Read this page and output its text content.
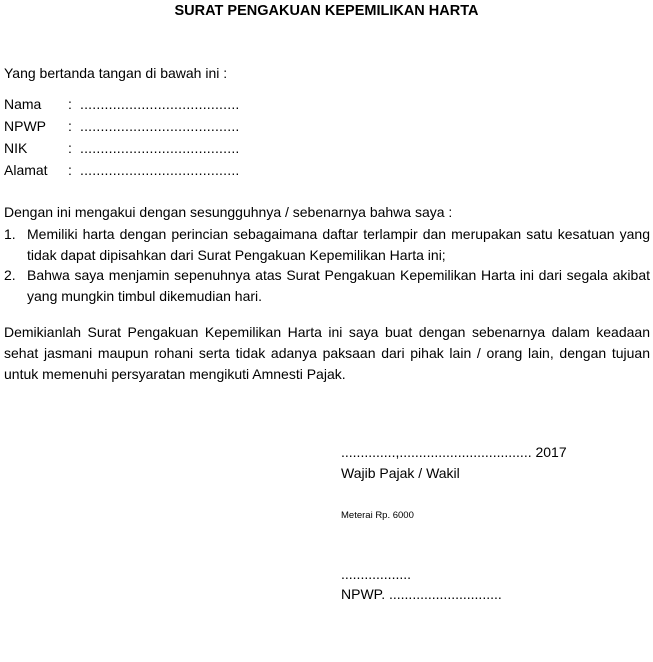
SURAT PENGAKUAN KEPEMILIKAN HARTA
Yang bertanda tangan di bawah ini :
Nama : .......................................
NPWP : .......................................
NIK	: .......................................
Alamat : .......................................
Dengan ini mengakui dengan sesungguhnya / sebenarnya bahwa saya :
1. Memiliki harta dengan perincian sebagaimana daftar terlampir dan merupakan satu kesatuan yang tidak dapat dipisahkan dari Surat Pengakuan Kepemilikan Harta ini;
2. Bahwa saya menjamin sepenuhnya atas Surat Pengakuan Kepemilikan Harta ini dari segala akibat yang mungkin timbul dikemudian hari.
Demikianlah Surat Pengakuan Kepemilikan Harta ini saya buat dengan sebenarnya dalam keadaan sehat jasmani maupun rohani serta tidak adanya paksaan dari pihak lain / orang lain, dengan tujuan untuk memenuhi persyaratan mengikuti Amnesti Pajak.
..............,.................................. 2017
Wajib Pajak / Wakil
Meterai Rp. 6000
..................
NPWP. .............................
